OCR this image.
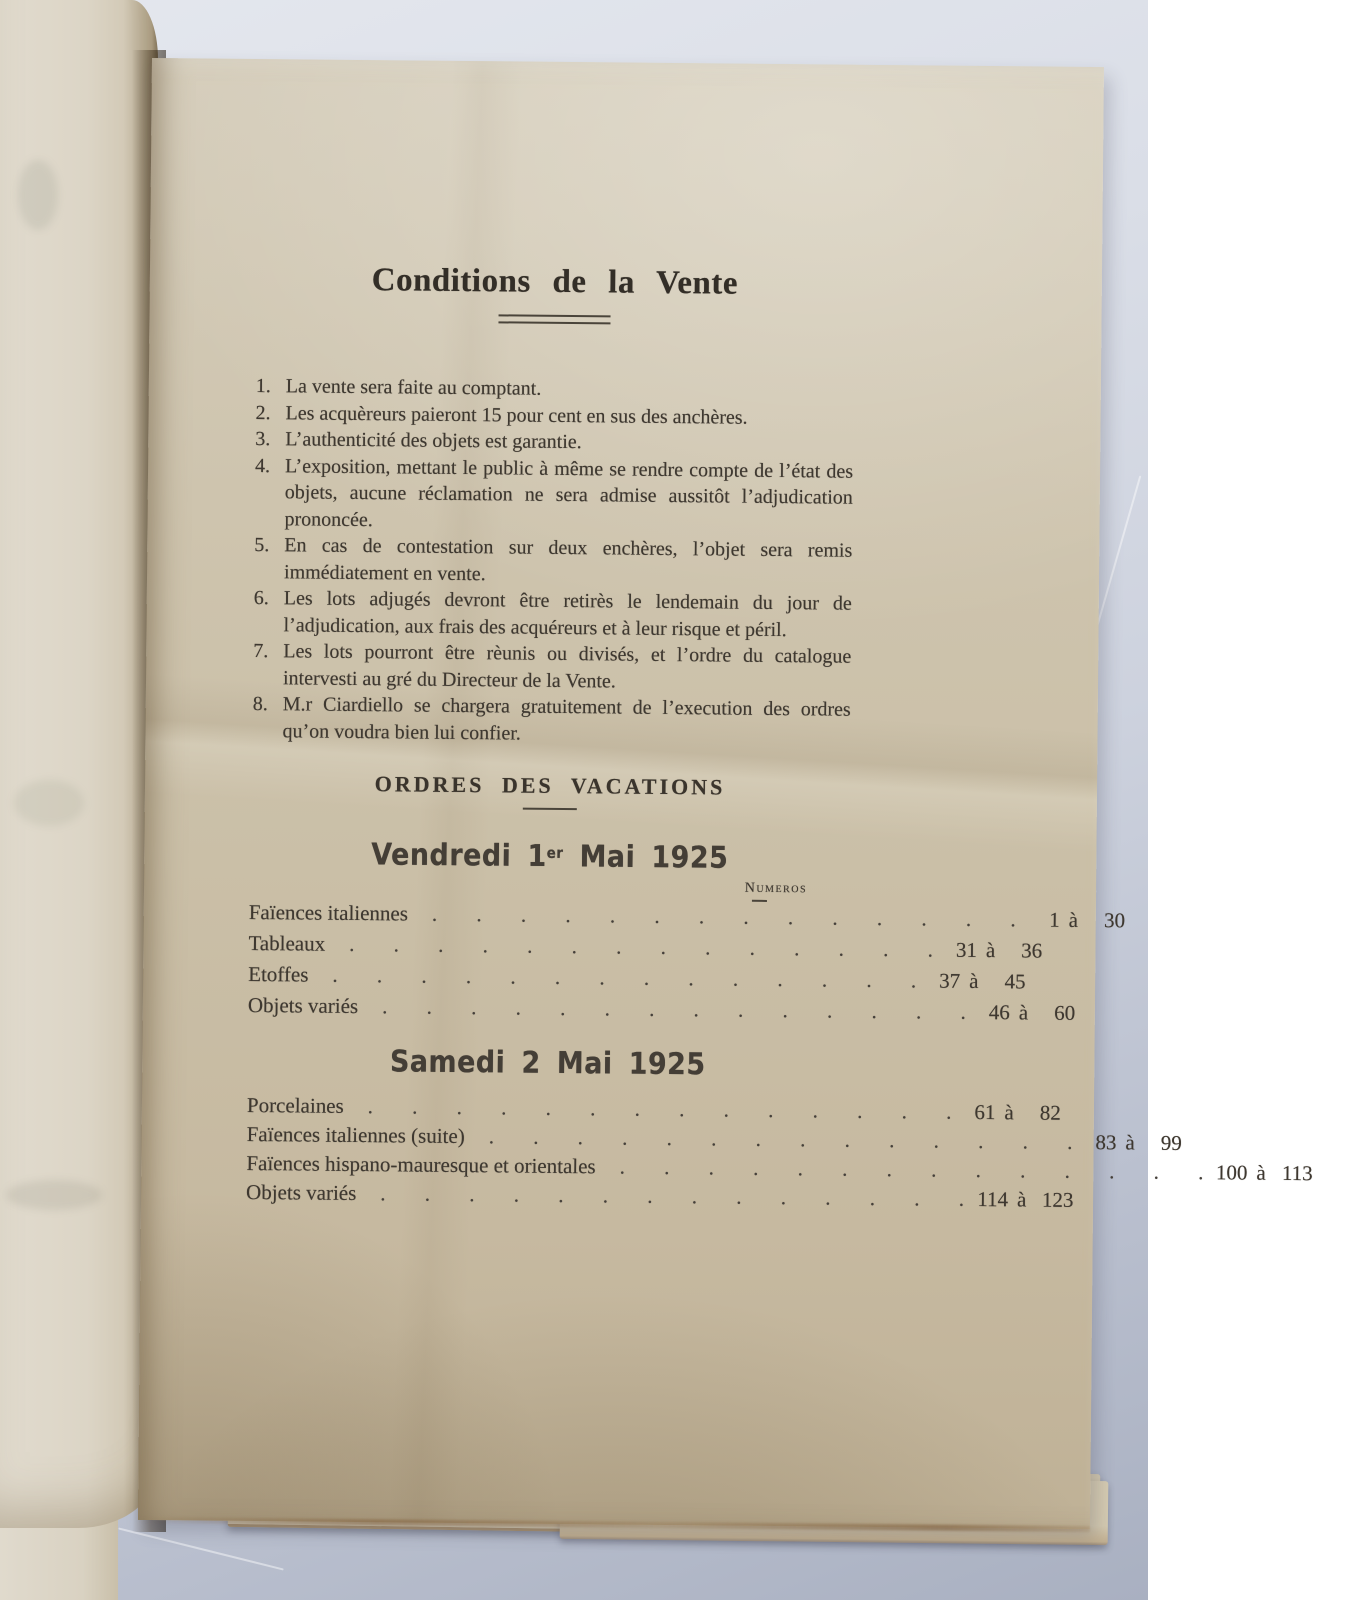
Conditions de la Vente
1. La vente sera faite au comptant.
2. Les acquèreurs paieront 15 pour cent en sus des anchères.
3. L’authenticité des objets est garantie.
4. L’exposition, mettant le public à même se rendre compte de l’état des objets, aucune réclamation ne sera admise aussitôt l’adjudication prononcée.
5. En cas de contestation sur deux enchères, l’objet sera remis immédiatement en vente.
6. Les lots adjugés devront être retirès le lendemain du jour de l’adjudication, aux frais des acquéreurs et à leur risque et péril.
7. Les lots pourront être rèunis ou divisés, et l’ordre du catalogue intervesti au gré du Directeur de la Vente.
8. M.r Ciardiello se chargera gratuitement de l’execution des ordres qu’on voudra bien lui confier.
ORDRES DES VACATIONS
Vendredi 1er Mai 1925
Numeros
Faïences italiennes	. . . . . . . . . . . . . .	1 à	30
Tableaux	. . . . . . . . . . . . . .	31 à	36
Etoffes	. . . . . . . . . . . . . .	37 à	45
Objets variés	. . . . . . . . . . . . . .	46 à	60
Samedi 2 Mai 1925
Porcelaines	. . . . . . . . . . . . . .	61 à	82
Faïences italiennes (suite)	. . . . . . . . . . . . . .	83 à	99
Faïences hispano-mauresque et orientales	. . . . . . . . . . . . . . 100 à 113
Objets variés	. . . . . . . . . . . . . . 114 à 123
